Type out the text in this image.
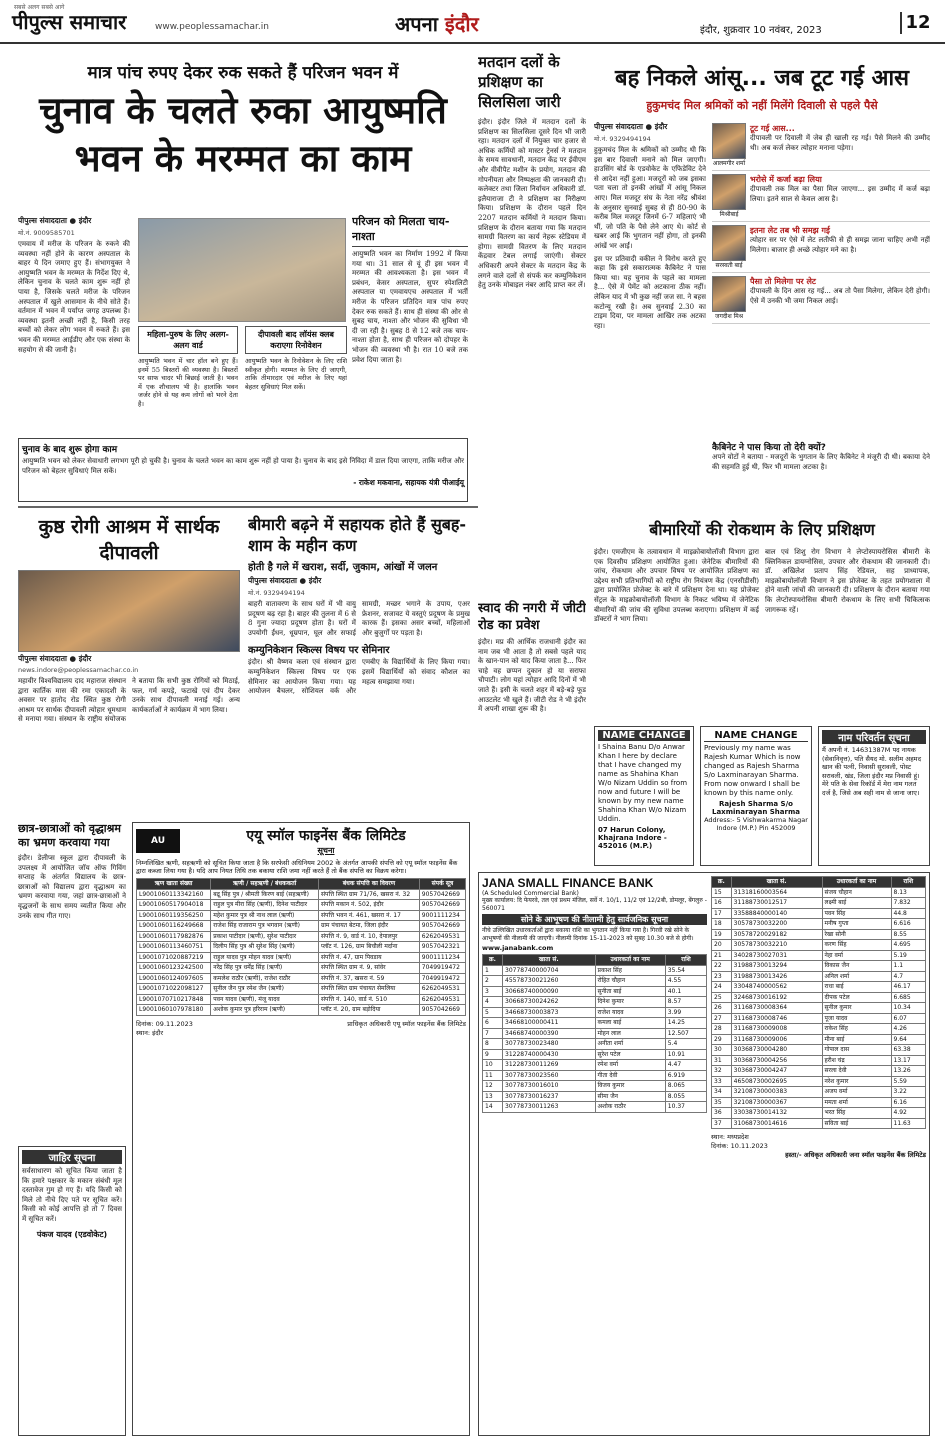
सबसे अलग सबसे आगे
पीपुल्स समाचार	www.peoplessamachar.in	अपना इंदौर	इंदौर, शुक्रवार 10 नवंबर, 2023	12
मात्र पांच रुपए देकर रुक सकते हैं परिजन भवन में
चुनाव के चलते रुका आयुष्मति भवन के मरम्मत का काम
पीपुल्स संवाददाता ● इंदौर
मो.नं. 9009585701
एमवाय में मरीज के परिजन के रुकने की व्यवस्था नहीं होने के कारण अस्पताल के बाहर ये दिन जमाए हुए हैं। संभागयुक्त ने आयुष्मति भवन के मरम्मत के निर्देश दिए थे, लेकिन चुनाव के चलते काम शुरू नहीं हो पाया है, जिसके चलते मरीज के परिजन अस्पताल में खुले आसमान के नीचे सोते हैं। वर्तमान में भवन में पर्याप्त जगह उपलब्ध है। व्यवस्था इतनी अच्छी नहीं है, किसी तरह बच्चों को लेकर लोग भवन में रुकते हैं। इस भवन की मरम्मत आईडीए और एक संस्था के सहयोग से की जानी है।
महिला-पुरुष के लिए अलग-अलग वार्ड
आयुष्मति भवन में चार हॉल बने हुए हैं। इनमें 55 बिस्तरों की व्यवस्था है। बिस्तरों पर साफ चादर भी बिछाई जाती है। भवन में एक शौचालय भी है। हालांकि भवन जर्जर होने से यह कम लोगों को भरने देता है।
दीपावली बाद लॉयंस क्लब कराएगा रिनोवेशन
आयुष्मति भवन के रिनोवेशन के लिए राशि स्वीकृत होगी। मरम्मत के लिए दी जाएगी, ताकि तीमारदार एवं मरीज के लिए यहां बेहतर सुविधाएं मिल सकें।
परिजन को मिलता चाय-नाश्ता
आयुष्मति भवन का निर्माण 1992 में किया गया था। 31 साल से यूं ही इस भवन में मरम्मत की आवश्यकता है। इस भवन में प्रबंधन, केसर अस्पताल, सुपर स्पेशलिटी अस्पताल या एमवायएच अस्पताल में भर्ती मरीज के परिजन प्रतिदिन मात्र पांच रुपए देकर रुक सकते हैं। साथ ही संस्था की ओर से सुबह चाय, नाश्ता और भोजन की सुविधा भी दी जा रही है। सुबह 8 से 12 बजे तक चाय-नाश्ता होता है, साथ ही परिजन को दोपहर के भोजन की व्यवस्था भी है। रात 10 बजे तक प्रवेश दिया जाता है।
चुनाव के बाद शुरू होगा काम
आयुष्मति भवन को लेकर सेवाधारी लगभग पूरी हो चुकी है। चुनाव के चलते भवन का काम शुरू नहीं हो पाया है। चुनाव के बाद इसे निविदा में डाल दिया जाएगा, ताकि मरीज और परिजन को बेहतर सुविधाएं मिल सकें।
- राकेश मकवाना, सहायक यंत्री पीआईयू
मतदान दलों के प्रशिक्षण का सिलसिला जारी
इंदौर। इंदौर जिले में मतदान दलों के प्रशिक्षण का सिलसिला दूसरे दिन भी जारी रहा। मतदान दलों में नियुक्त चार हजार से अधिक कर्मियों को मास्टर ट्रेनर्स ने मतदान के समय सावधानी, मतदान केंद्र पर ईवीएम और वीवीपैट मशीन के प्रयोग, मतदान की गोपनीयता और निष्पक्षता की जानकारी दी। कलेक्टर तथा जिला निर्वाचन अधिकारी डॉ. इलैयाराजा टी ने प्रशिक्षण का निरीक्षण किया। प्रशिक्षण के दौरान पहले दिन 2207 मतदान कर्मियों ने मतदान किया। प्रशिक्षण के दौरान बताया गया कि मतदान सामग्री वितरण का कार्य नेहरू स्टेडियम में होगा। सामग्री वितरण के लिए मतदान केंद्रवार टेबल लगाई जाएंगी। सेक्टर अधिकारी अपने सेक्टर के मतदान केंद्र के लगने वाले दलों से संपर्क कर कम्युनिकेशन हेतु उनके मोबाइल नंबर आदि प्राप्त कर लें।
बह निकले आंसू... जब टूट गई आस
हुकुमचंद मिल श्रमिकों को नहीं मिलेंगे दिवाली से पहले पैसे
पीपुल्स संवाददाता ● इंदौर
मो.नं. 9329494194
हुकुमचंद मिल के श्रमिकों को उम्मीद थी कि इस बार दिवाली मनाने को मिल जाएगी। हाउसिंग बोर्ड के एडवोकेट के एफिडेविट देने से आदेश नहीं हुआ। मजदूरों को जब इसका पता चला तो इनकी आंखों में आंसू निकल आए। मिल मजदूर संघ के नेता नरेंद्र श्रीवंश के अनुसार सुनवाई सुबह से ही 80-90 के करीब मिल मजदूर जिनमें 6-7 महिलाएं भी थीं, जो पति के पैसे लेने आए थे। कोर्ट से खबर आई कि भुगतान नहीं होगा, तो इनकी आंखें भर आईं।
इस पर प्रतिवादी वकील ने विरोध करते हुए कहा कि इसे सकारात्मक कैबिनेट ने पास किया था। यह चुनाव के पहले का मामला है... ऐसे में पेमेंट को अटकाना ठीक नहीं। लेकिन याद में भी कुछ नहीं जज सा. ने बहस कटोन्यू रखी है। अब सुनवाई 2.30 का टाइम दिया, पर मामला आखिर तक अटका रहा।
आलमगीर शर्मा
टूट गई आस...
दीपावली पर दिवाली में जेब ही खाली रह गई। पैसे मिलने की उम्मीद थी। अब कर्ज लेकर त्योहार मनाना पड़ेगा।
मिश्रीबाई
भरोसे में कर्जा बढ़ा लिया
दीपावली तक मिल का पैसा मिल जाएगा... इस उम्मीद में कर्ज बढ़ा लिया। इतने साल से केवल आस है।
सरस्वती बाई
इतना लेट तब भी समझ गई
त्योहार सर पर ऐसे में लेट लतीफी से ही समझ जाना चाहिए अभी नहीं मिलेगा। बाजार ही अच्छे त्योहार मने का है।
जगदीश मिश्र
पैसा तो मिलेगा पर लेट
दीपावली के दिन आस रह गई... अब तो पैसा मिलेगा, लेकिन देरी होगी। ऐसे में उनकी भी जमा निकल आई।
कैबिनेट ने पास किया तो देरी क्यों?
अपने वोटों ने बताया - मजदूरों के भुगतान के लिए कैबिनेट ने मंजूरी दी थी। बकाया देने की सहमति हुई थी, फिर भी मामला अटका है।
कुष्ठ रोगी आश्रम में सार्थक दीपावली
पीपुल्स संवाददाता ● इंदौर
news.indore@peoplessamachar.co.in
महावीर विश्वविद्यालय दाद महाराज संस्थान द्वारा कार्तिक मास की रमा एकादशी के अवसर पर हातोद रोड स्थित कुष्ठ रोगी आश्रम पर सार्थक दीपावली त्योहार धूमधाम से मनाया गया। संस्थान के राष्ट्रीय संयोजक ने बताया कि सभी कुष्ठ रोगियों को मिठाई, फल, गर्म कपड़े, फटाखे एवं दीप देकर उनके साथ दीपावली मनाई गई। अन्य कार्यकर्ताओं ने कार्यक्रम में भाग लिया।
बीमारी बढ़ने में सहायक होते हैं सुबह-शाम के महीन कण
होती है गले में खराश, सर्दी, जुकाम, आंखों में जलन
पीपुल्स संवाददाता ● इंदौर
मो.नं. 9329494194
बाहरी वातावरण के साथ घरों में भी वायु प्रदूषण बढ़ रहा है। बाहर की तुलना में 6 से 8 गुना ज्यादा प्रदूषण होता है। घरों में उपयोगी ईंधन, धूम्रपान, घूल और सफाई सामग्री, मच्छर भगाने के उपाय, एअर फ्रेशनर, सजावट ये वस्तुएं प्रदूषण के प्रमुख कारक हैं। इसका असर बच्चों, महिलाओं और बुजुर्गों पर पड़ता है।
कम्युनिकेशन स्किल्स विषय पर सेमिनार
इंदौर। श्री वैष्णव कला एवं संस्थान द्वारा कम्युनिकेशन स्किल्स विषय पर एक सेमिनार का आयोजन किया गया। यह आयोजन बैचलर, सोशियल वर्क और एमबीए के विद्यार्थियों के लिए किया गया। इसमें विद्यार्थियों को संवाद कौशल का महत्व समझाया गया।
स्वाद की नगरी में जीटी रोड का प्रवेश
इंदौर। मप्र की आर्थिक राजधानी इंदौर का नाम जब भी आता है तो सबसे पहले याद के खान-पान को याद किया जाता है... फिर चाहे वह छप्पन दुकान हो या सराफा चौपाटी। लोग यहां त्योहार आदि दिनों में भी जाते हैं। इसी के चलते शहर में बड़े-बड़े फूड आउटलेट भी खुले हैं। जीटी रोड ने भी इंदौर में अपनी शाखा शुरू की है।
बीमारियों की रोकथाम के लिए प्रशिक्षण
इंदौर। एमजीएम के तत्वावधान में माइक्रोबायोलॉजी विभाग द्वारा एक दिवसीय प्रशिक्षण आयोजित हुआ। जेनेटिक बीमारियों की जांच, रोकथाम और उपचार विषय पर आयोजित प्रशिक्षण का उद्देश्य सभी प्रतिभागियों को राष्ट्रीय रोग नियंत्रण केंद्र (एनसीडीसी) द्वारा प्रायोजित प्रोजेक्ट के बारे में प्रशिक्षण देना था। यह प्रोजेक्ट सेंट्रल के माइक्रोबायोलॉजी विभाग के निकट भविष्य में जेनेटिक बीमारियों की जांच की सुविधा उपलब्ध कराएगा। प्रशिक्षण में कई डॉक्टरों ने भाग लिया।
बाल एवं शिशु रोग विभाग ने लेप्टोस्पायरोसिस बीमारी के क्लिनिकल डायग्नोसिस, उपचार और रोकथाम की जानकारी दी। डॉ. अखिलेश प्रताप सिंह रेडियल, सह प्राध्यापक, माइक्रोबायोलॉजी विभाग ने इस प्रोजेक्ट के तहत प्रयोगशाला में होने वाली जांचों की जानकारी दी। प्रशिक्षण के दौरान बताया गया कि लेप्टोस्पायरोसिस बीमारी रोकथाम के लिए सभी चिकित्सक जागरूक रहें।
NAME CHANGE
I Shaina Banu D/o Anwar Khan I here by declare that I have changed my name as Shahina Khan W/o Nizam Uddin so from now and future I will be known by my new name Shahina Khan W/o Nizam Uddin.
07 Harun Colony, Khajrana Indore - 452016 (M.P.)
NAME CHANGE
Previously my name was Rajesh Kumar Which is now changed as Rajesh Sharma S/o Laxminarayan Sharma. From now onward I shall be known by this name only.
Rajesh Sharma S/o Laxminarayan Sharma
Address:- 5 Vishwakarma Nagar Indore (M.P.) Pin 452009
नाम परिवर्तन सूचना
मैं अपनी नं. 14631387M पद नायक (सेवानिवृत्त), पति सैयद मो. सलीम अहमद खान की पत्नी, निवासी सुरावली, पोस्ट सरावली, खंड, जिला इंदौर मप्र निवासी हूं। मेरे पति के सेवा रिकॉर्ड में मेरा नाम गलत दर्ज है, जिसे अब सही नाम से जाना जाए।
छात्र-छात्राओं को वृद्धाश्रम का भ्रमण करवाया गया
इंदौर। डेलीप्स स्कूल द्वारा दीपावली के उपलक्ष्य में आयोजित जॉय ऑफ गिविंग सप्ताह के अंतर्गत विद्यालय के छात्र-छात्राओं को विद्यालय द्वारा वृद्धाश्रम का भ्रमण करवाया गया, जहां छात्र-छात्राओं ने वृद्धजनों के साथ समय व्यतीत किया और उनके साथ गीत गाए।
जाहिर सूचना
सर्वसाधारण को सूचित किया जाता है कि हमारे पक्षकार के मकान संबंधी मूल दस्तावेज गुम हो गए हैं। यदि किसी को मिले तो नीचे दिए पते पर सूचित करें। किसी को कोई आपत्ति हो तो 7 दिवस में सूचित करें।
पंकज यादव (एडवोकेट)
AU	एयू स्मॉल फाइनेंस बैंक लिमिटेड
सूचना
निम्नलिखित ऋणी, सहऋणी को सूचित किया जाता है कि सरफेसी अधिनियम 2002 के अंतर्गत आपकी संपत्ति को एयू स्मॉल फाइनेंस बैंक द्वारा कब्जा लिया गया है। यदि आप नियत तिथि तक बकाया राशि जमा नहीं करते हैं तो बैंक संपत्ति का विक्रय करेगा।
ऋण खाता संख्या	ऋणी / सहऋणी / बंधककर्ता	बंधक संपत्ति का विवरण	संपर्क सूत्र
L9001060113342160	बद्रू सिंह पुत्र / श्रीमती किरण बाई (सहऋणी)	संपत्ति स्थित ग्राम 71/76, खसरा नं. 32	9057042669
L9001060517904018	राहुल पुत्र मीरा सिंह (ऋणी), दिनेश पाटीदार	संपत्ति मकान नं. 502, इंदौर	9057042669
L9001060119356250	महेश कुमार पुत्र श्री नाथ लाल (ऋणी)	संपत्ति भवन नं. 461, खसरा नं. 17	9001111234
L9001060116249668	राजेश सिंह राजाराम पुत्र भगवान (ऋणी)	ग्राम पंचायत बेटमा, जिला इंदौर	9057042669
L9001060117982876	प्रकाश पाटीदार (ऋणी), सुरेश पाटीदार	संपत्ति नं. 9, वार्ड नं. 10, देपालपुर	6262049531
L9001060113460751	दिलीप सिंह पुत्र श्री सुरेश सिंह (ऋणी)	प्लॉट नं. 126, ग्राम बिचौली मर्दाना	9057042321
L9001071020887219	राहुल यादव पुत्र मोहन यादव (ऋणी)	संपत्ति नं. 47, ग्राम पिवडाय	9001111234
L9001060123242500	नरेंद्र सिंह पुत्र धर्मेंद्र सिंह (ऋणी)	संपत्ति स्थित ग्राम नं. 9, सांवेर	7049919472
L9001060124097605	कमलेश राठौर (ऋणी), राजेश राठौर	संपत्ति नं. 37, खसरा नं. 59	7049919472
L9001071022098127	सुनील जैन पुत्र रमेश जैन (ऋणी)	संपत्ति स्थित ग्राम पंचायत सेमलिया	6262049531
L9001070710217848	पवन यादव (ऋणी), मंजू यादव	संपत्ति नं. 140, वार्ड नं. 510	6262049531
L9001060107978180	अशोक कुमार पुत्र हरिराम (ऋणी)	प्लॉट नं. 20, ग्राम बड़ोदिया	9057042669
दिनांक: 09.11.2023
स्थान: इंदौर
प्राधिकृत अधिकारी एयू स्मॉल फाइनेंस बैंक लिमिटेड
JANA SMALL FINANCE BANK
(A Scheduled Commercial Bank)
मुख्य कार्यालय: दि फेयरवे, तल एवं प्रथम मंजिल, सर्वे नं. 10/1, 11/2 एवं 12/2बी, डोमलूर, बेंगलुरु - 560071
सोने के आभूषण की नीलामी हेतु सार्वजनिक सूचना
नीचे उल्लिखित उधारकर्ताओं द्वारा बकाया राशि का भुगतान नहीं किया गया है। गिरवी रखे सोने के आभूषणों की नीलामी की जाएगी। नीलामी दिनांक 15-11-2023 को सुबह 10.30 बजे से होगी।
www.janabank.com
क्र.	खाता सं.	उधारकर्ता का नाम	राशि
1	30778740000704	प्रकाश सिंह	35.54
2	45578730021260	रोहित चौहान	4.55
3	30668740000090	सुनीता बाई	40.1
4	30668730024262	दिनेश कुमार	8.57
5	34668730003873	राजेश यादव	3.99
6	34668100000411	कमला बाई	14.25
7	34668740000390	मोहन लाल	12.507
8	30778730023480	अनीता शर्मा	5.4
9	31228740000430	सुरेश पटेल	10.91
10	31228730011269	रमेश वर्मा	4.47
11	30778730023560	गीता देवी	6.919
12	30778730016010	विजय कुमार	8.065
13	30778730016237	सीमा जैन	8.055
14	30778730011263	अशोक राठौर	10.37
क्र.	खाता सं.	उधारकर्ता का नाम	राशि
15	31318160003564	संजय चौहान	8.13
16	31188730012517	लक्ष्मी बाई	7.832
17	33588840000140	पवन सिंह	44.8
18	30578730032200	मनीष गुप्ता	6.616
19	30578720029182	रेखा सोनी	8.55
20	30578730032210	करण सिंह	4.695
21	34028730027031	नेहा वर्मा	5.19
22	31988730013294	विकास जैन	1.1
23	31988730013426	अनिल शर्मा	4.7
24	33048740000562	राधा बाई	46.17
25	32468730016192	दीपक पटेल	6.685
26	31168730008364	सुनील कुमार	10.34
27	31168730008746	पूजा यादव	6.07
28	31168730009008	राकेश सिंह	4.26
29	31168730009006	मीना बाई	9.64
30	30368730004280	गोपाल दास	63.38
31	30368730004256	हरीश चंद्र	13.17
32	30368730004247	सरला देवी	13.26
33	46508730002695	नरेश कुमार	5.59
34	32108730000383	अजय वर्मा	3.22
35	32108730000367	ममता शर्मा	6.16
36	33038730014132	भरत सिंह	4.92
37	31068730014616	सविता बाई	11.63
स्थान: मध्यप्रदेश
दिनांक: 10.11.2023
हस्ता/- अधिकृत अधिकारी जना स्मॉल फाइनेंस बैंक लिमिटेड
